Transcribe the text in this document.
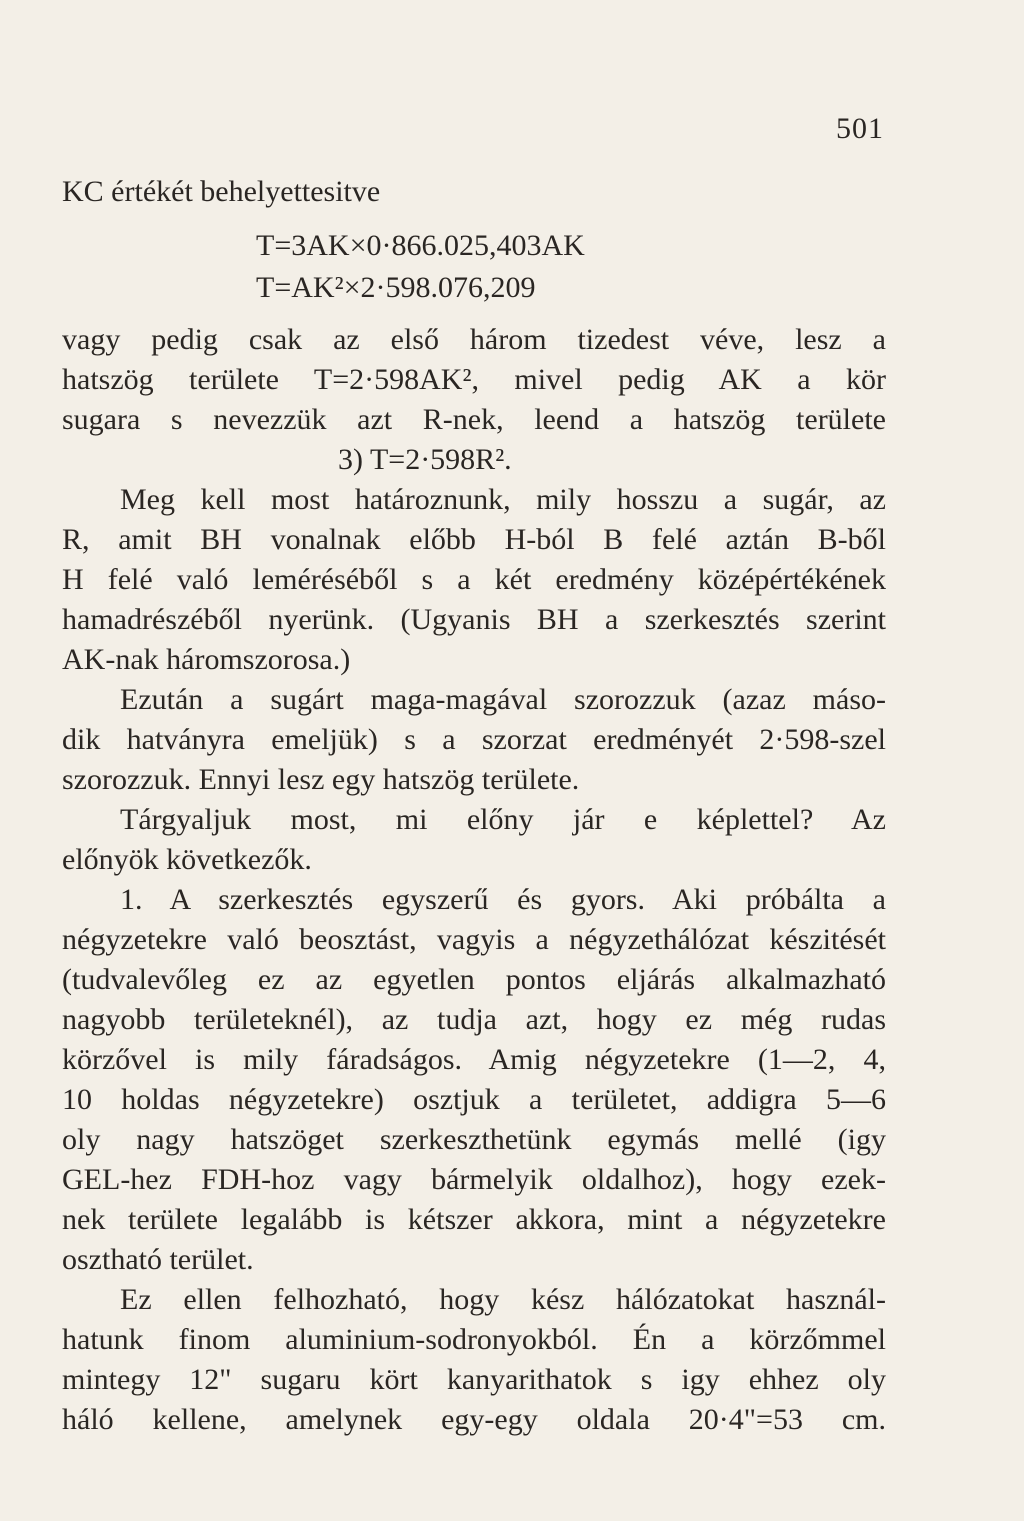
501
KC értékét behelyettesitve
T=3AK×0·866.025,403AK
T=AK²×2·598.076,209
vagy pedig csak az első három tizedest véve, lesz a
hatszög területe T=2·598AK², mivel pedig AK a kör
sugara s nevezzük azt R-nek, leend a hatszög területe
3) T=2·598R².
Meg kell most határoznunk, mily hosszu a sugár, az
R, amit BH vonalnak előbb H-ból B felé aztán B-ből
H felé való leméréséből s a két eredmény középértékének
hamadrészéből nyerünk. (Ugyanis BH a szerkesztés szerint
AK-nak háromszorosa.)
Ezután a sugárt maga-magával szorozzuk (azaz máso-
dik hatványra emeljük) s a szorzat eredményét 2·598-szel
szorozzuk. Ennyi lesz egy hatszög területe.
Tárgyaljuk most, mi előny jár e képlettel? Az
előnyök következők.
1. A szerkesztés egyszerű és gyors. Aki próbálta a
négyzetekre való beosztást, vagyis a négyzethálózat készitését
(tudvalevőleg ez az egyetlen pontos eljárás alkalmazható
nagyobb területeknél), az tudja azt, hogy ez még rudas
körzővel is mily fáradságos. Amig négyzetekre (1—2, 4,
10 holdas négyzetekre) osztjuk a területet, addigra 5—6
oly nagy hatszöget szerkeszthetünk egymás mellé (igy
GEL-hez FDH-hoz vagy bármelyik oldalhoz), hogy ezek-
nek területe legalább is kétszer akkora, mint a négyzetekre
osztható terület.
Ez ellen felhozható, hogy kész hálózatokat használ-
hatunk finom aluminium-sodronyokból. Én a körzőmmel
mintegy 12" sugaru kört kanyarithatok s igy ehhez oly
háló kellene, amelynek egy-egy oldala 20·4"=53 cm.
